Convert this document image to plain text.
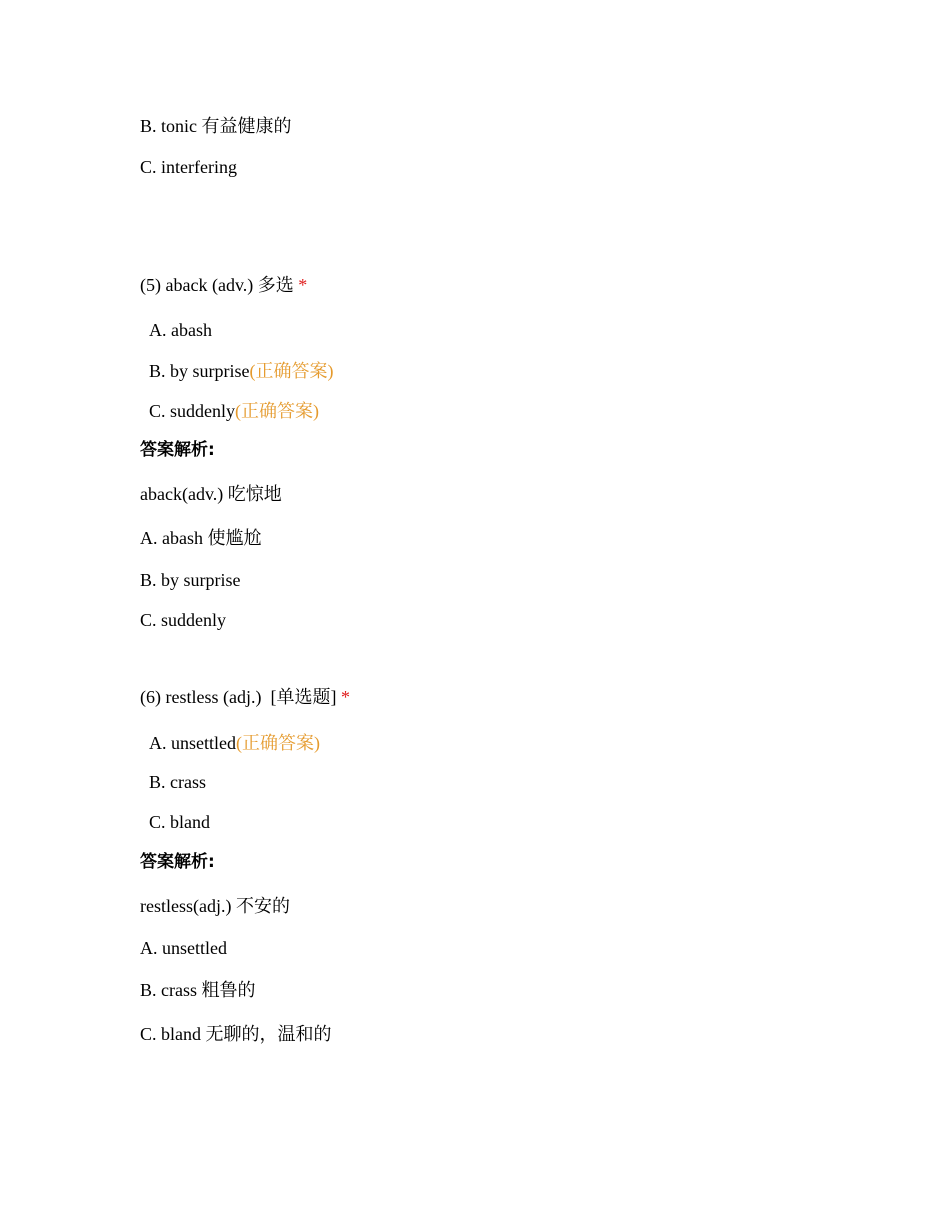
B. tonic 有益健康的
C. interfering
(5) aback (adv.) 多选 *
A. abash
B. by surprise(正确答案)
C. suddenly(正确答案)
答案解析:
aback(adv.) 吃惊地
A. abash 使尴尬
B. by surprise
C. suddenly
(6) restless (adj.)  [单选题] *
A. unsettled(正确答案)
B. crass
C. bland
答案解析:
restless(adj.) 不安的
A. unsettled
B. crass 粗鲁的
C. bland 无聊的，温和的
